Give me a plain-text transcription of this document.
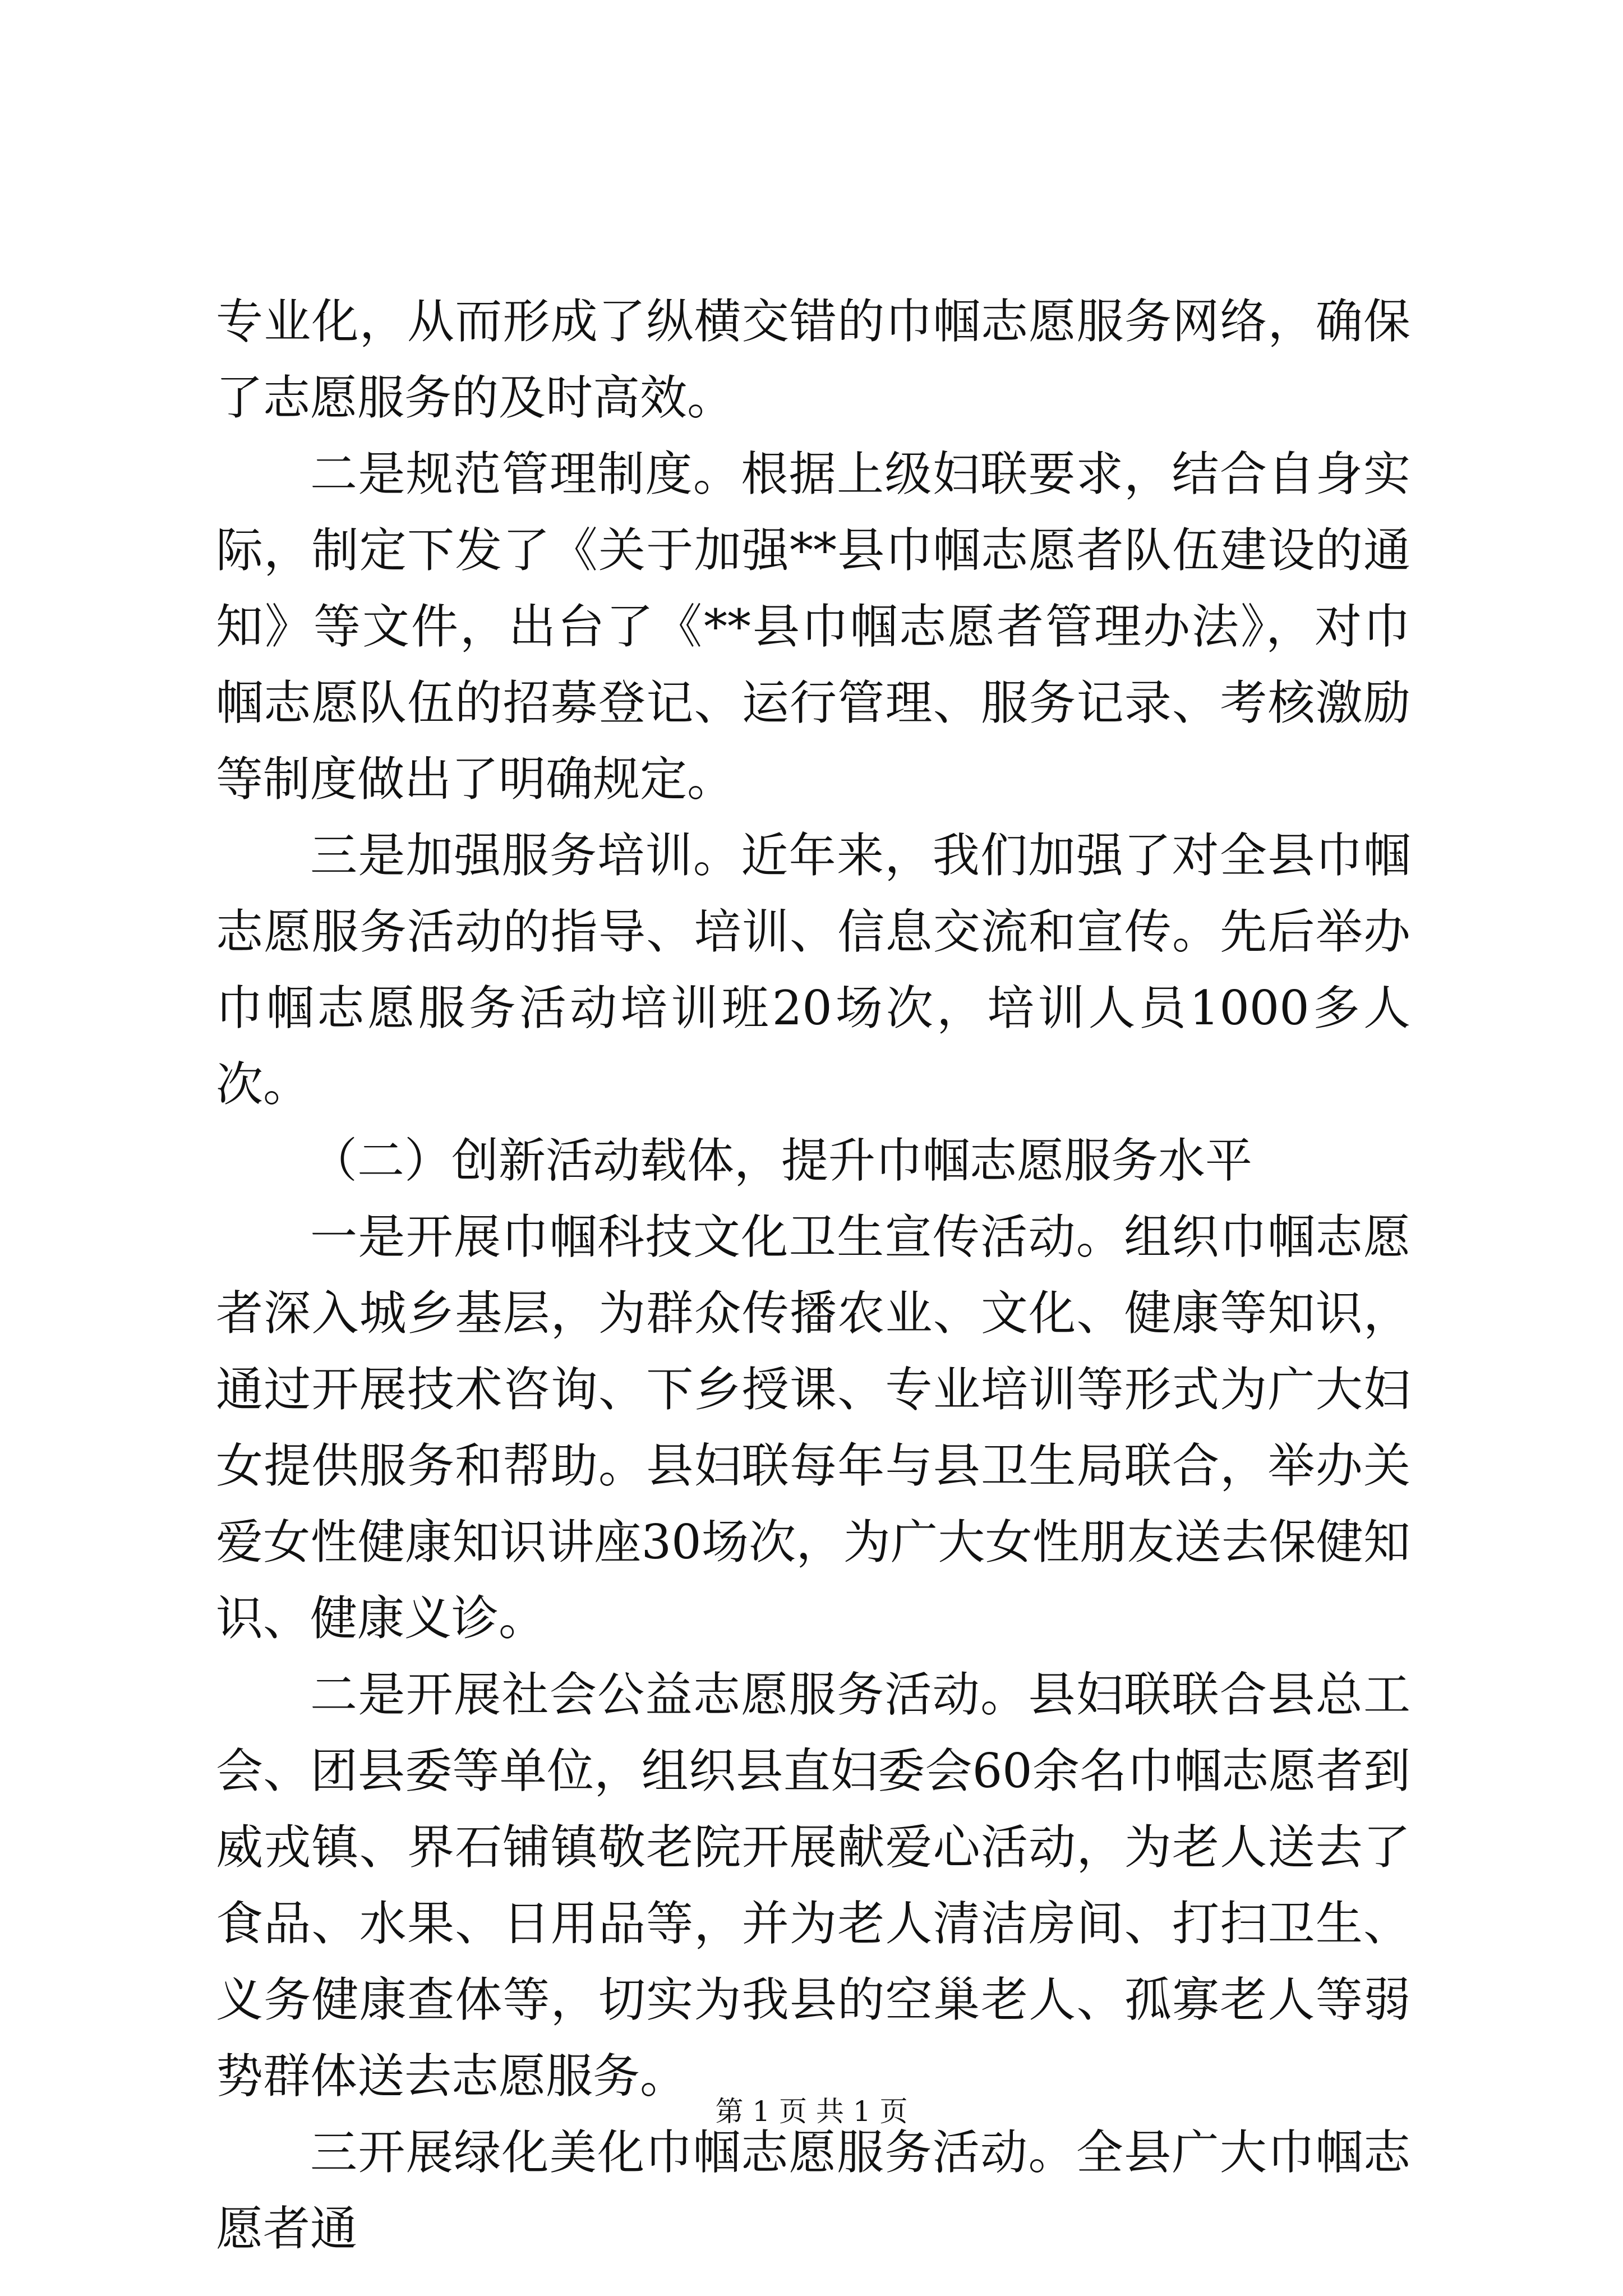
专业化，从而形成了纵横交错的巾帼志愿服务网络，确保了志愿服务的及时高效。

二是规范管理制度。根据上级妇联要求，结合自身实际，制定下发了《关于加强**县巾帼志愿者队伍建设的通知》等文件，出台了《**县巾帼志愿者管理办法》，对巾帼志愿队伍的招募登记、运行管理、服务记录、考核激励等制度做出了明确规定。

三是加强服务培训。近年来，我们加强了对全县巾帼志愿服务活动的指导、培训、信息交流和宣传。先后举办巾帼志愿服务活动培训班20场次，培训人员1000多人次。

（二）创新活动载体，提升巾帼志愿服务水平

一是开展巾帼科技文化卫生宣传活动。组织巾帼志愿者深入城乡基层，为群众传播农业、文化、健康等知识，通过开展技术咨询、下乡授课、专业培训等形式为广大妇女提供服务和帮助。县妇联每年与县卫生局联合，举办关爱女性健康知识讲座30场次，为广大女性朋友送去保健知识、健康义诊。

二是开展社会公益志愿服务活动。县妇联联合县总工会、团县委等单位，组织县直妇委会60余名巾帼志愿者到威戎镇、界石铺镇敬老院开展献爱心活动，为老人送去了食品、水果、日用品等，并为老人清洁房间、打扫卫生、义务健康查体等，切实为我县的空巢老人、孤寡老人等弱势群体送去志愿服务。

三开展绿化美化巾帼志愿服务活动。全县广大巾帼志愿者通

第 1 页 共 1 页
